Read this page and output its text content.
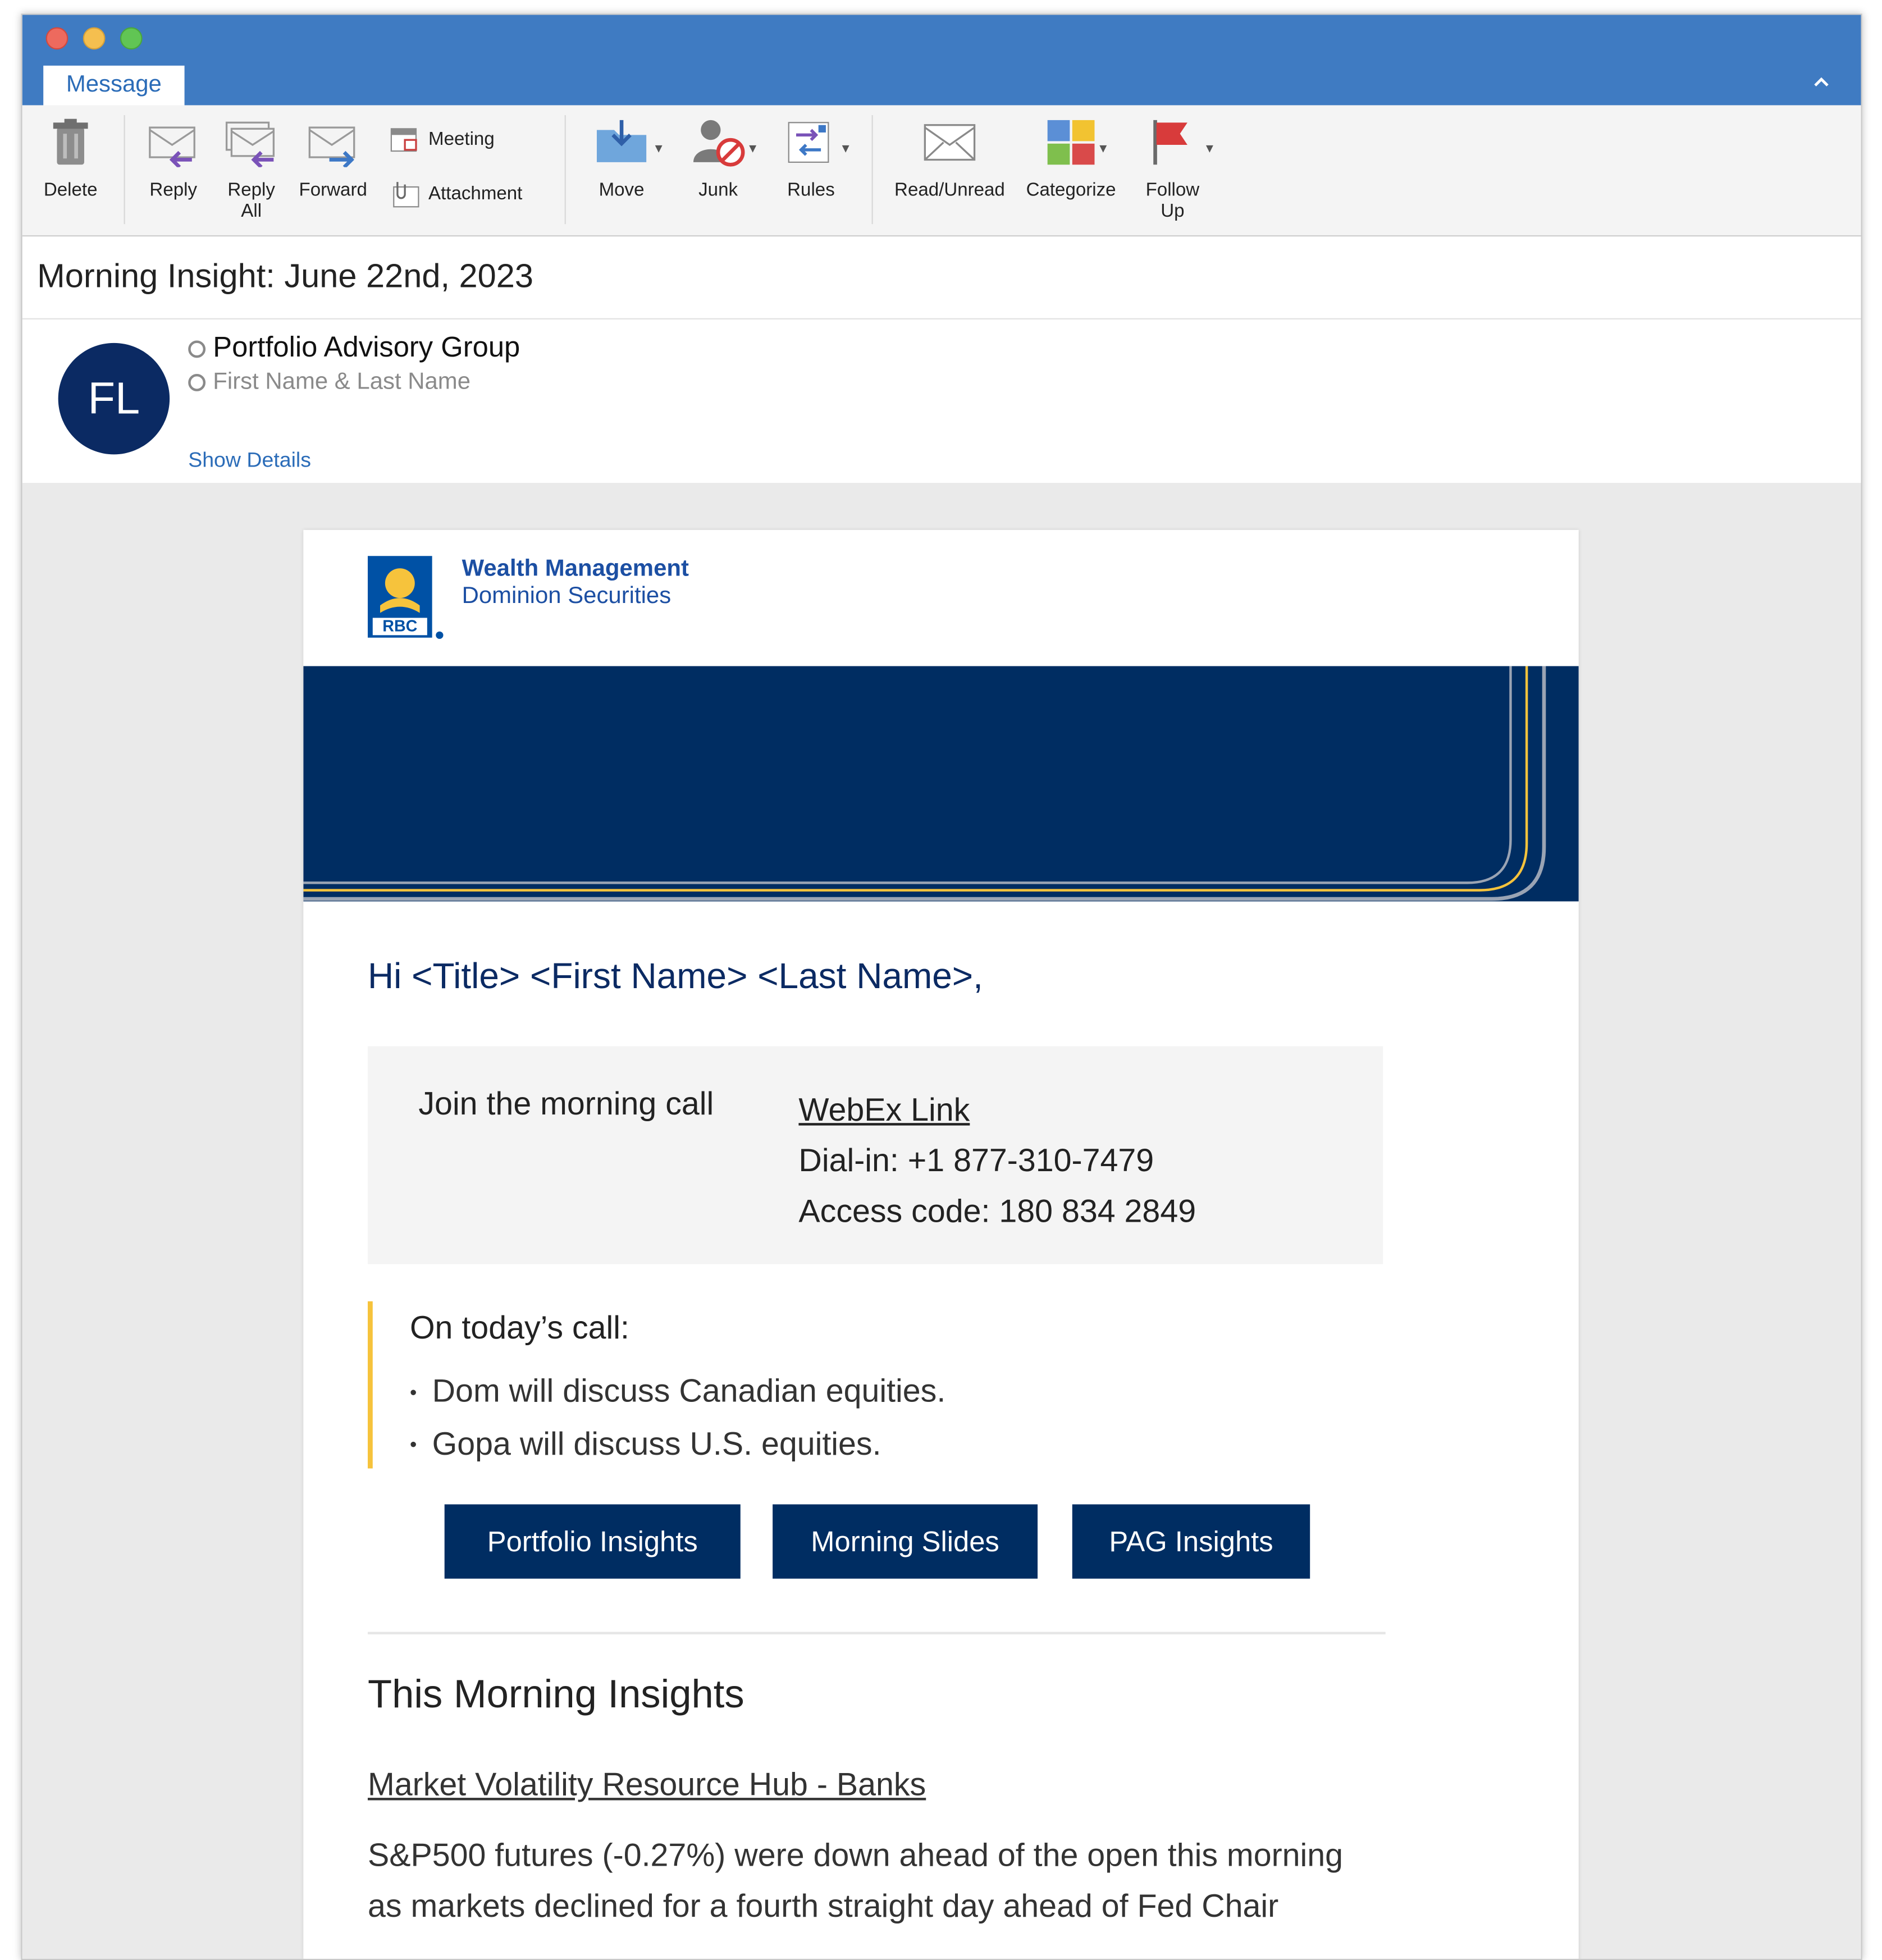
Message
Delete	Reply	Reply
All
Forward
Meeting
Attachment	Move
▼
Junk
▼
Rules
▼
Read/Unread	Categorize
▼
Follow
Up
▼
Morning Insight: June 22nd, 2023
FL
Portfolio Advisory Group
First Name & Last Name
Show Details
RBC
Wealth Management
Dominion Securities
Hi <Title> <First Name> <Last Name>,
Join the morning call	WebEx Link
Dial-in: +1 877-310-7479
Access code: 180 834 2849
On today’s call:
• Dom will discuss Canadian equities.
• Gopa will discuss U.S. equities.
Portfolio Insights	Morning Slides	PAG Insights
This Morning Insights
Market Volatility Resource Hub - Banks
S&P500 futures (-0.27%) were down ahead of the open this morning
as markets declined for a fourth straight day ahead of Fed Chair
